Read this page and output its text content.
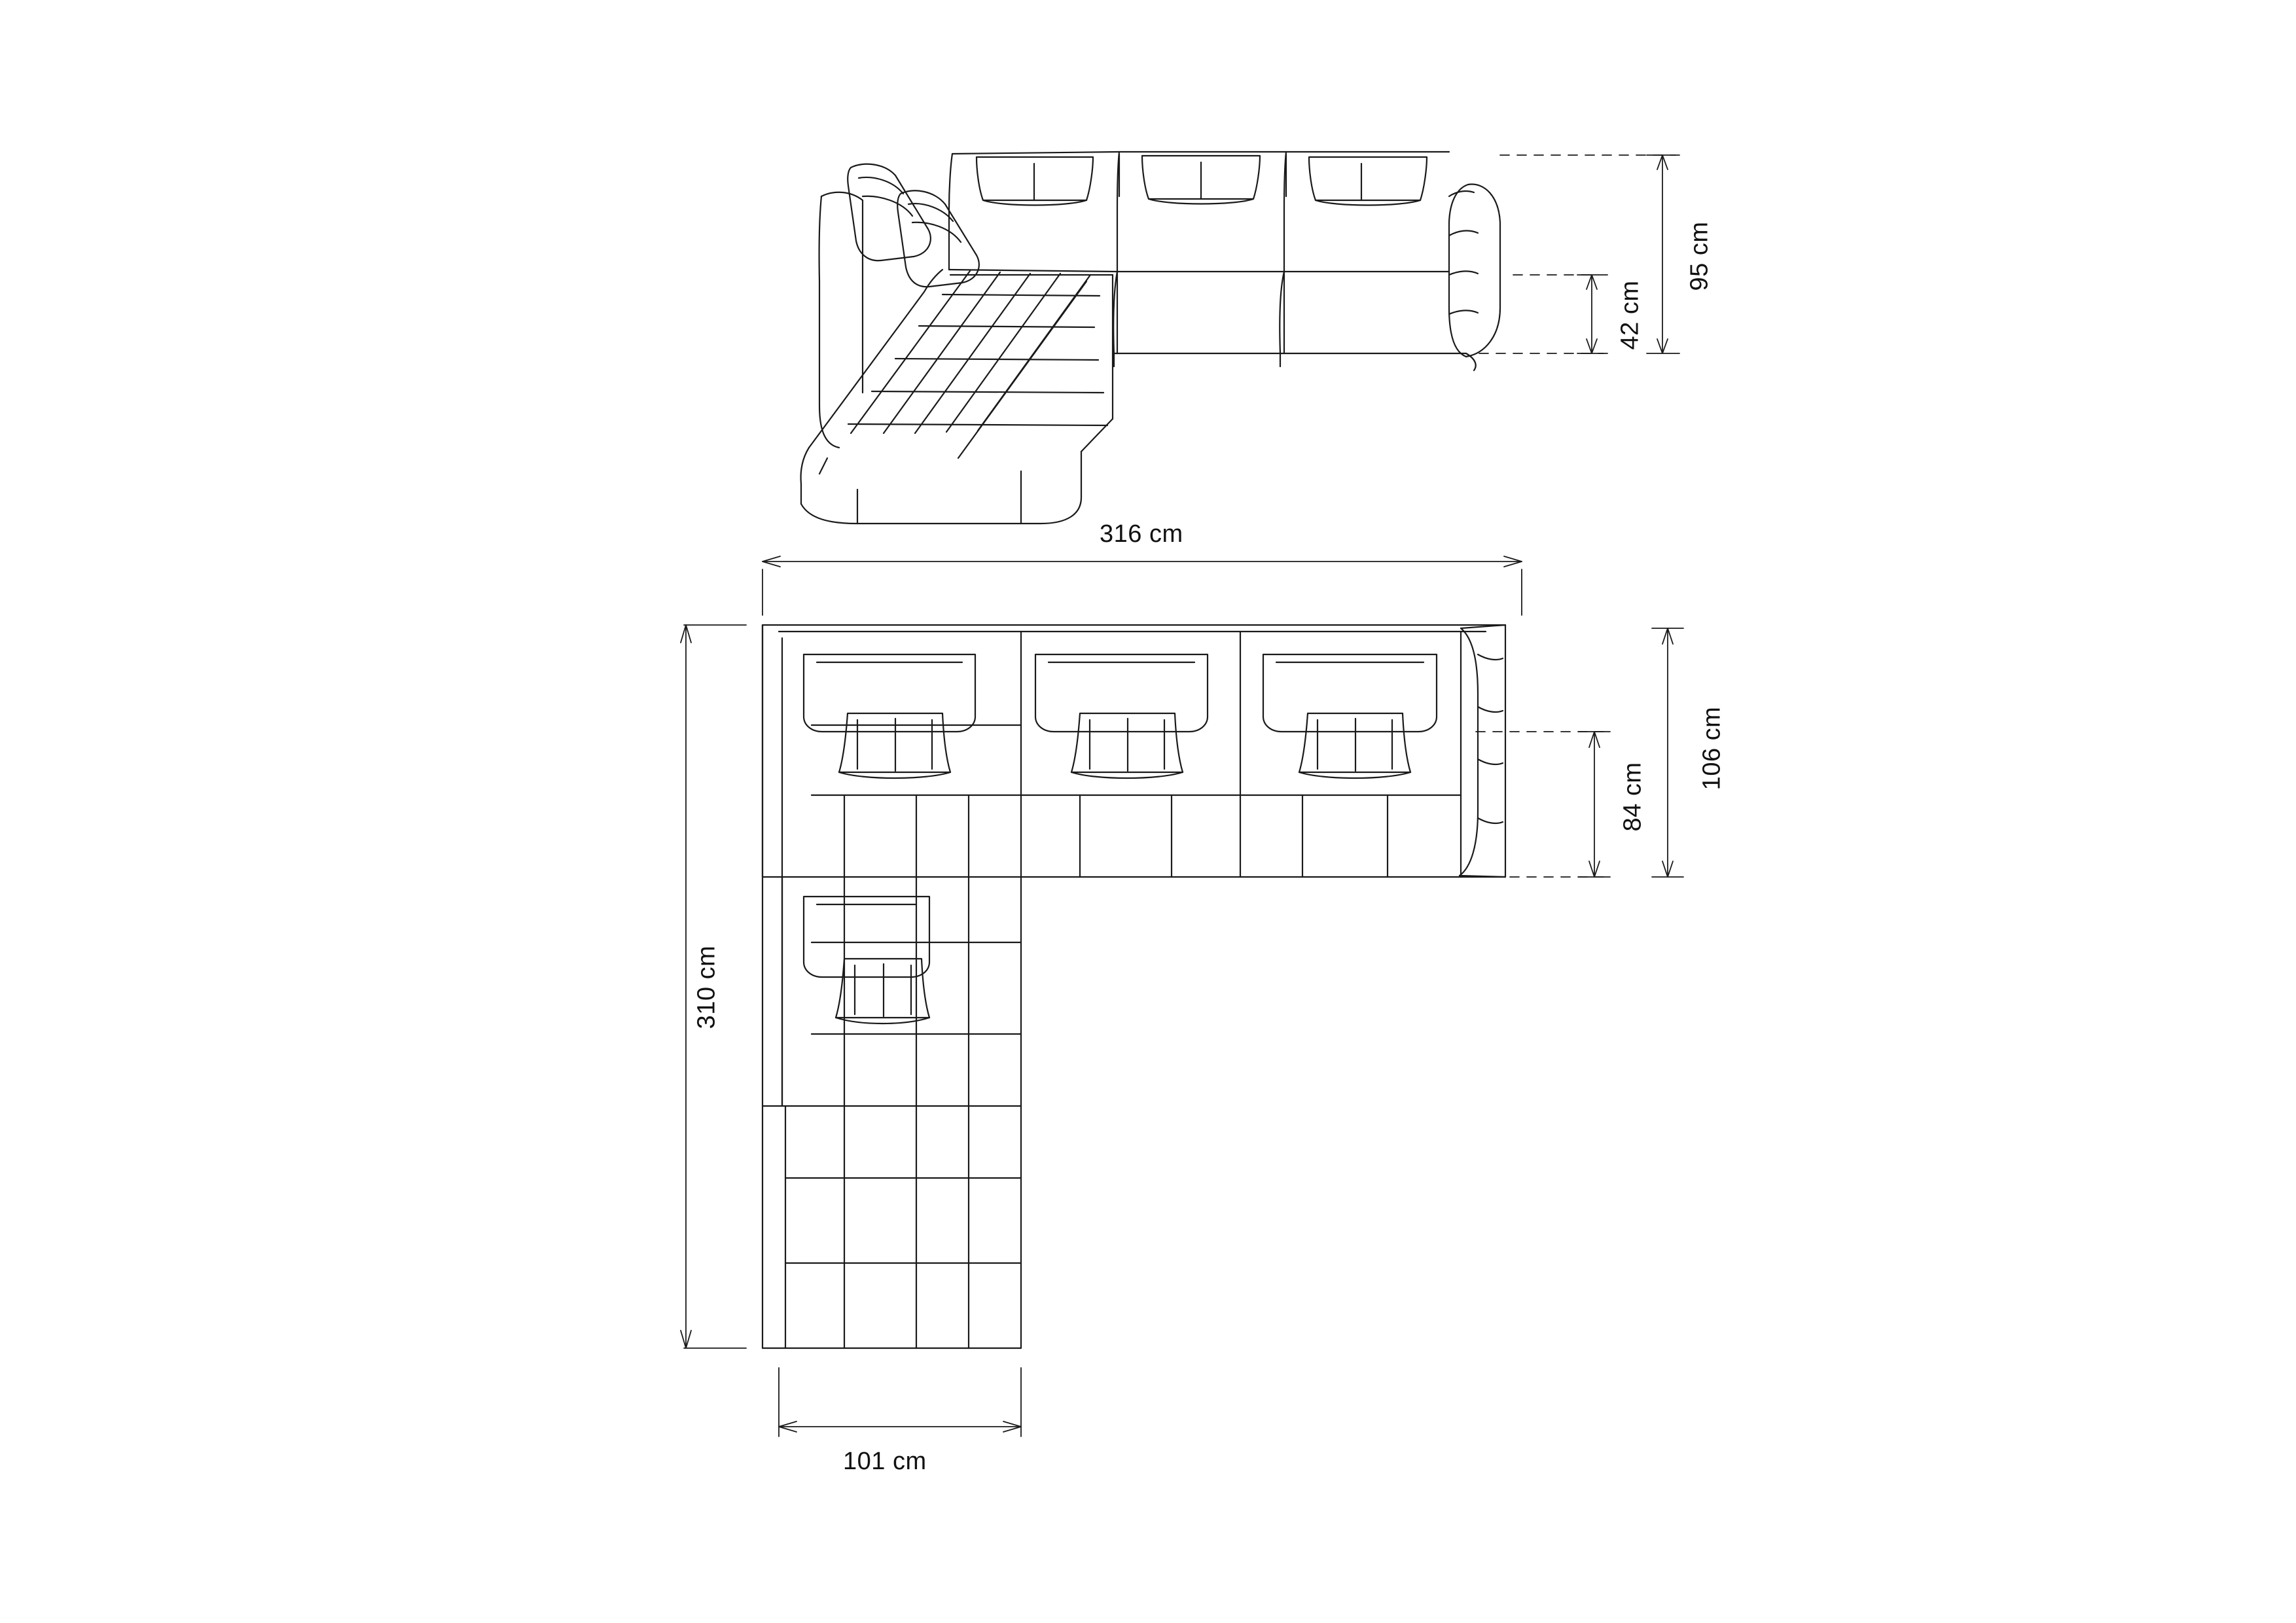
95 cm
42 cm
316 cm
310 cm
101 cm
106 cm
84 cm
